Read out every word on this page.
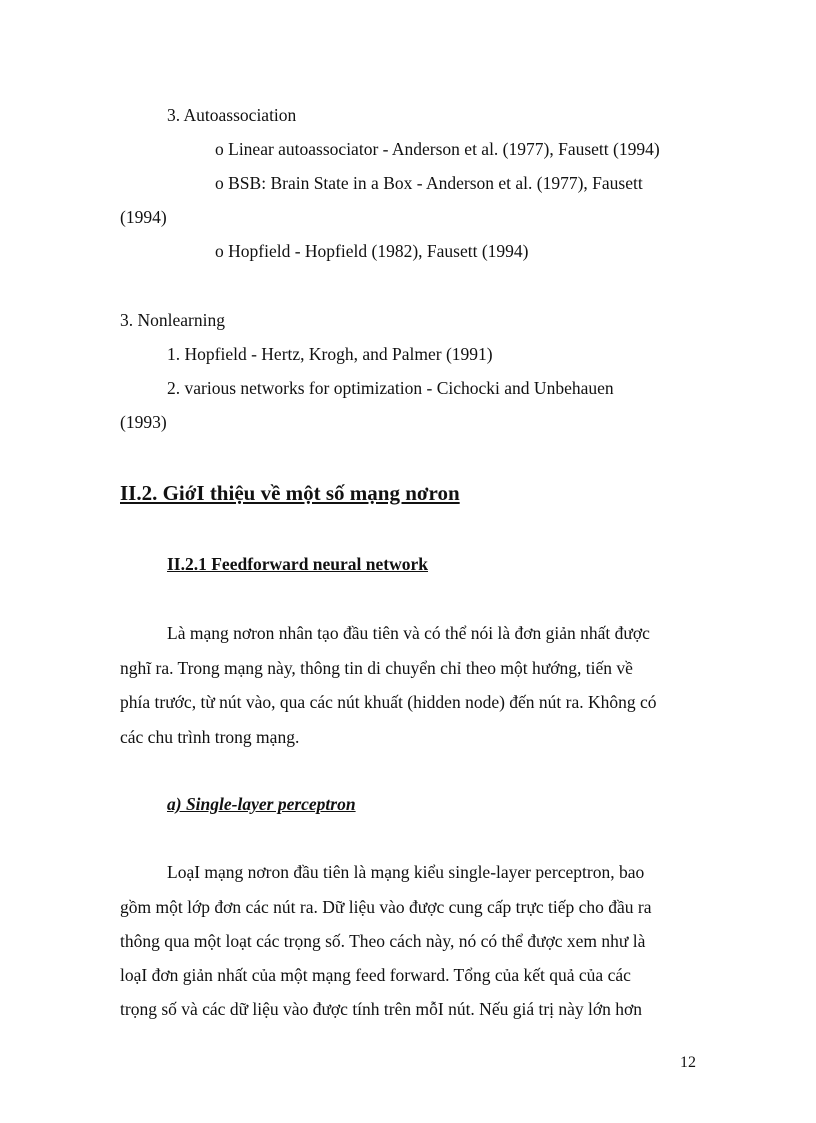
3. Autoassociation
o Linear autoassociator - Anderson et al. (1977), Fausett (1994)
o BSB: Brain State in a Box - Anderson et al. (1977), Fausett
(1994)
o Hopfield - Hopfield (1982), Fausett (1994)
3. Nonlearning
1. Hopfield - Hertz, Krogh, and Palmer (1991)
2. various networks for optimization - Cichocki and Unbehauen
(1993)
II.2. GiớI thiệu về một số mạng nơron
II.2.1 Feedforward neural network
Là mạng nơron nhân tạo đầu tiên và có thể nói là đơn giản nhất được
nghĩ ra. Trong mạng này, thông tin di chuyển chỉ theo một hướng, tiến về
phía trước, từ nút vào, qua các nút khuất (hidden node) đến nút ra. Không có
các chu trình trong mạng.
a) Single-layer perceptron
LoạI mạng nơron đầu tiên là mạng kiểu single-layer perceptron, bao
gồm một lớp đơn các nút ra. Dữ liệu vào được cung cấp trực tiếp cho đầu ra
thông qua một loạt các trọng số. Theo cách này, nó có thể được xem như là
loạI đơn giản nhất của một mạng feed forward. Tổng của kết quả của các
trọng số và các dữ liệu vào được tính trên mỗI nút. Nếu giá trị này lớn hơn
12
